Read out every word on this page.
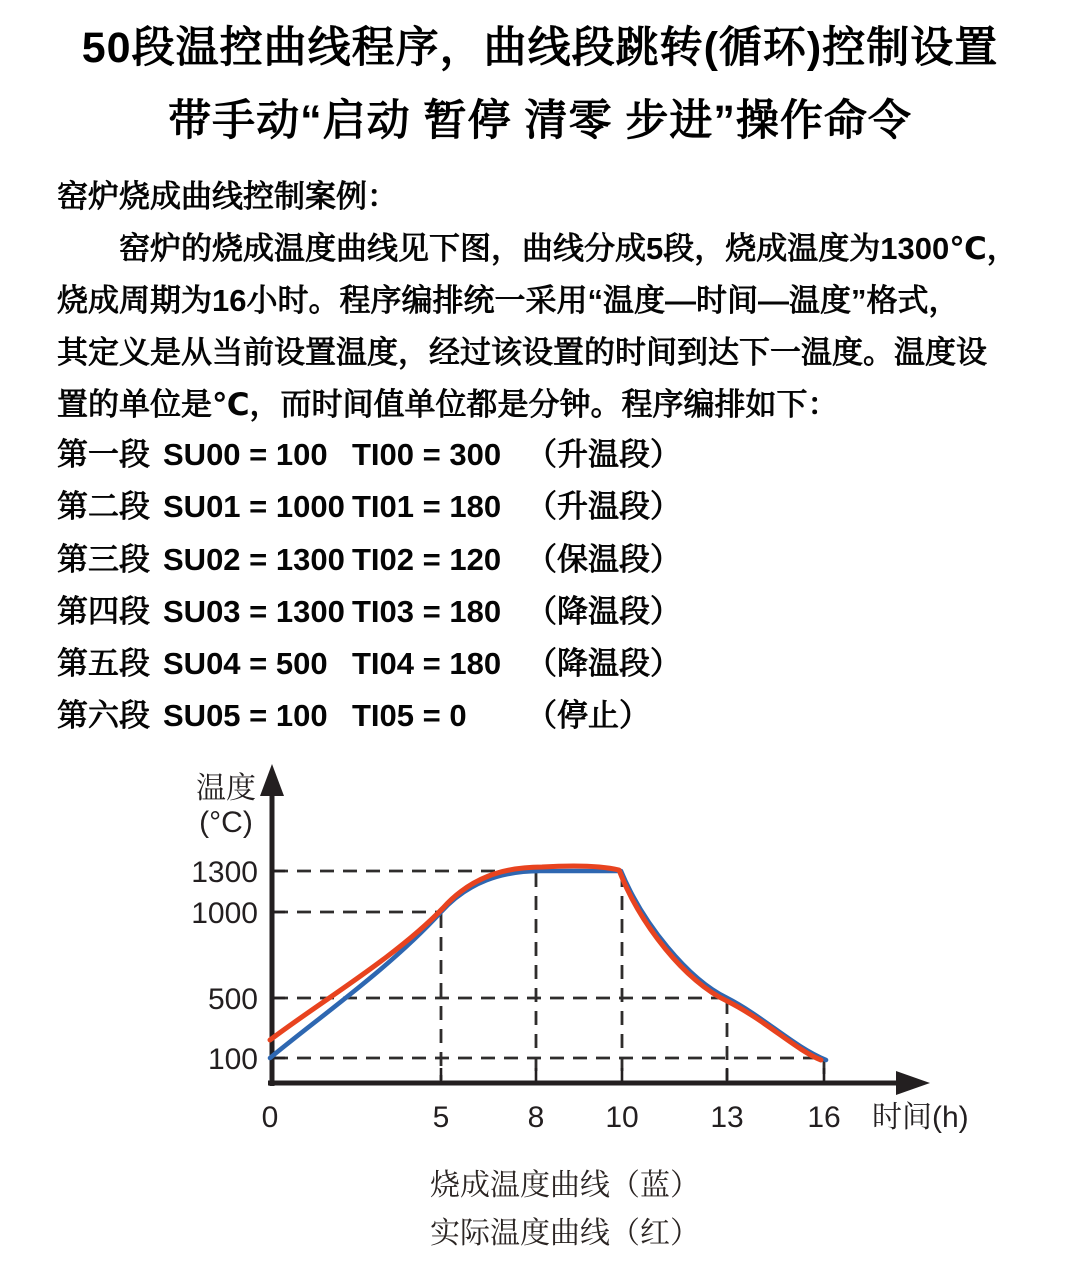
50段温控曲线程序，曲线段跳转(循环)控制设置
带手动“启动 暂停 清零 步进”操作命令
窑炉烧成曲线控制案例：
窑炉的烧成温度曲线见下图，曲线分成5段，烧成温度为1300℃，
烧成周期为16小时。程序编排统一采用“温度—时间—温度”格式，
其定义是从当前设置温度，经过该设置的时间到达下一温度。温度设
置的单位是℃，而时间值单位都是分钟。程序编排如下：
第一段 SU00 = 100 TI00 = 300 （升温段）
第二段 SU01 = 1000 TI01 = 180 （升温段）
第三段 SU02 = 1300 TI02 = 120 （保温段）
第四段 SU03 = 1300 TI03 = 180 （降温段）
第五段 SU04 = 500 TI04 = 180 （降温段）
第六段 SU05 = 100 TI05 = 0	（停止）
温度
(°C)
1300
1000
500
100
0	5	8 10 13 16 时间(h)
烧成温度曲线（蓝）
实际温度曲线（红）
